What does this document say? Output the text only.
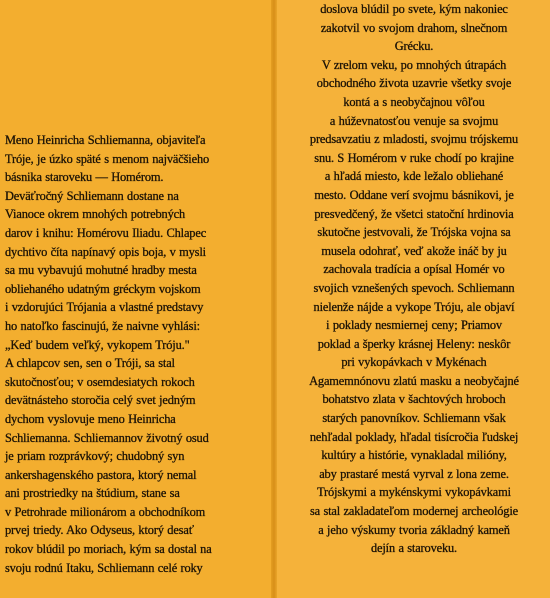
Meno Heinricha Schliemanna, objaviteľa
Tróje, je úzko späté s menom najväčšieho
básnika staroveku — Homérom.
Deväťročný Schliemann dostane na
Vianoce okrem mnohých potrebných
darov i knihu: Homérovu Iliadu. Chlapec
dychtivo číta napínavý opis boja, v mysli
sa mu vybavujú mohutné hradby mesta
obliehaného udatným gréckym vojskom
i vzdorujúci Trójania a vlastné predstavy
ho natoľko fascinujú, že naivne vyhlási:
„Keď budem veľký, vykopem Tróju."
A chlapcov sen, sen o Tróji, sa stal
skutočnosťou; v osemdesiatych rokoch
devätnásteho storočia celý svet jedným
dychom vyslovuje meno Heinricha
Schliemanna. Schliemannov životný osud
je priam rozprávkový; chudobný syn
ankershagenského pastora, ktorý nemal
ani prostriedky na štúdium, stane sa
v Petrohrade milionárom a obchodníkom
prvej triedy. Ako Odyseus, ktorý desať
rokov blúdil po moriach, kým sa dostal na
svoju rodnú Itaku, Schliemann celé roky
doslova blúdil po svete, kým nakoniec
zakotvil vo svojom drahom, slnečnom
Grécku.
V zrelom veku, po mnohých útrapách
obchodného života uzavrie všetky svoje
kontá a s neobyčajnou vôľou
a húževnatosťou venuje sa svojmu
predsavzatiu z mladosti, svojmu trójskemu
snu. S Homérom v ruke chodí po krajine
a hľadá miesto, kde ležalo obliehané
mesto. Oddane verí svojmu básnikovi, je
presvedčený, že všetci statoční hrdinovia
skutočne jestvovali, že Trójska vojna sa
musela odohrať, veď akože ináč by ju
zachovala tradícia a opísal Homér vo
svojich vznešených spevoch. Schliemann
nielenže nájde a vykope Tróju, ale objaví
i poklady nesmiernej ceny; Priamov
poklad a šperky krásnej Heleny: neskôr
pri vykopávkach v Mykénach
Agamemnónovu zlatú masku a neobyčajné
bohatstvo zlata v šachtových hroboch
starých panovníkov. Schliemann však
nehľadal poklady, hľadal tisícročia ľudskej
kultúry a histórie, vynakladal milióny,
aby prastaré mestá vyrval z lona zeme.
Trójskymi a mykénskymi vykopávkami
sa stal zakladateľom modernej archeológie
a jeho výskumy tvoria základný kameň
dejín a staroveku.
